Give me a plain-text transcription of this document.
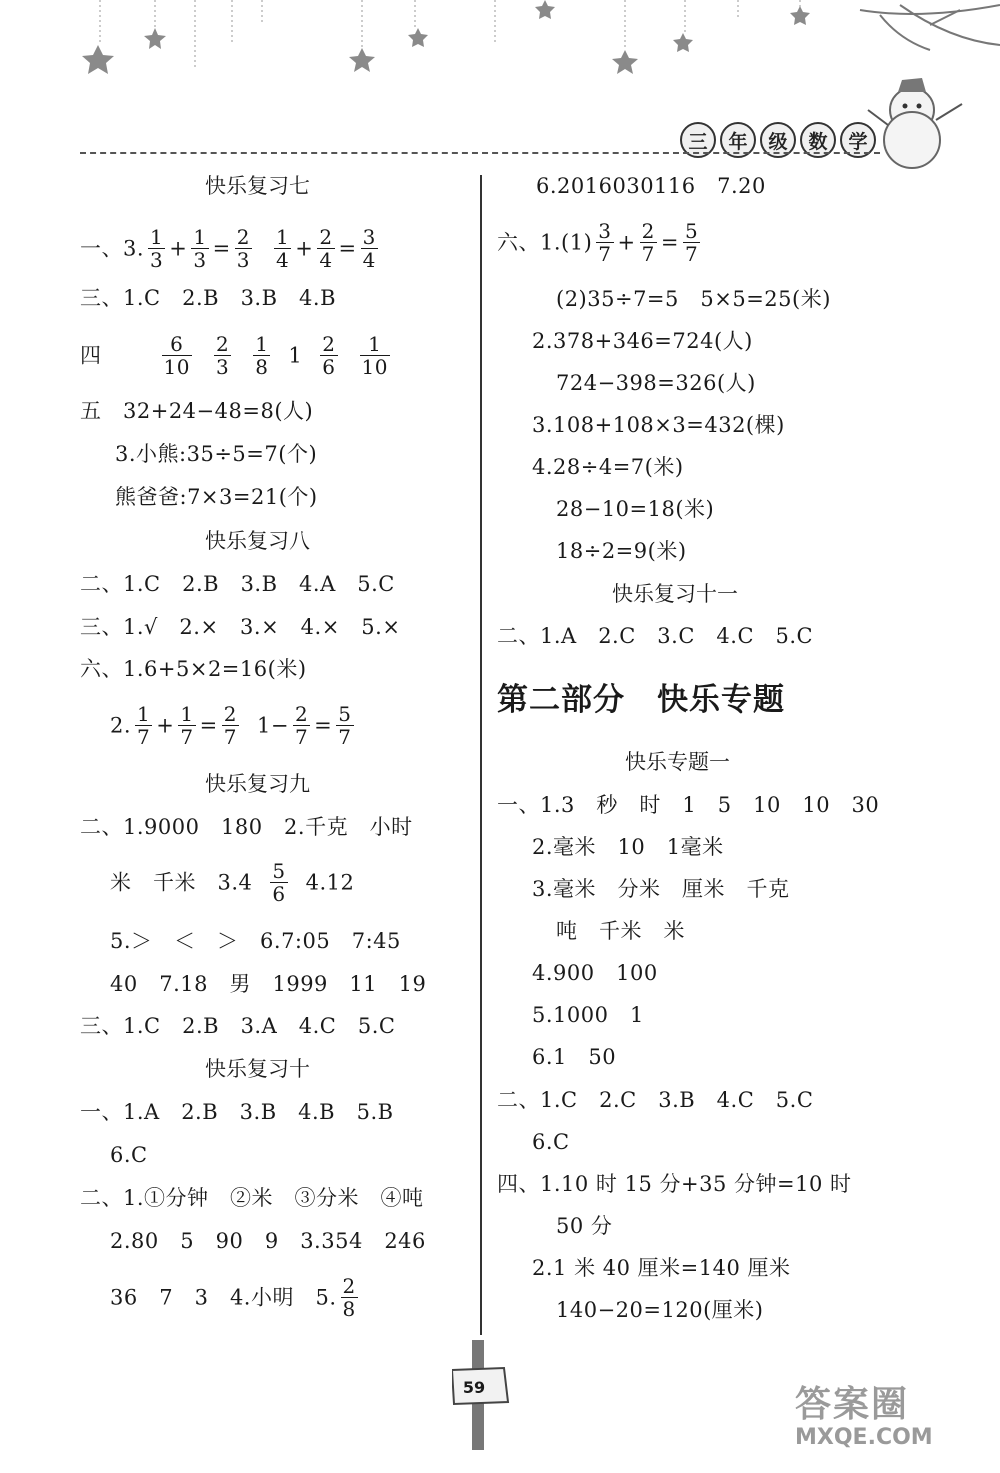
三	年	级	数	学
快乐复习七
一、3. $\frac{1}{3} + \frac{1}{3} = \frac{2}{3} \frac{1}{4} + \frac{2}{4} = \frac{3}{4}$
三、1.C　2.B　3.B　4.B
四	$\frac{6}{10} \frac{2}{3} \frac{1}{8} 1 \frac{2}{6} \frac{1}{10}$
五　32+24−48=8(人)
3.小熊:35÷5=7(个)
熊爸爸:7×3=21(个)
快乐复习八
二、1.C　2.B　3.B　4.A　5.C
三、1.√　2.×　3.×　4.×　5.×
六、1.6+5×2=16(米)
2. $\frac{1}{7} + \frac{1}{7} = \frac{2}{7} 1- \frac{2}{7} = \frac{5}{7}$
快乐复习九
二、1.9000　180　2.千克　小时
米　千米　$3.4 \frac{5}{6} 4.12$
5.＞　＜　＞　6.7:05　7:45
40　7.18　男　1999　11　19
三、1.C　2.B　3.A　4.C　5.C
快乐复习十
一、1.A　2.B　3.B　4.B　5.B
6.C
二、1.①分钟　②米　③分米　④吨
2.80　5　90　9　3.354　246
36　7　3　4.小明　5. $\frac{2}{8}$
6.2016030116　7.20
六、$1.(1) \frac{3}{7} + \frac{2}{7} = \frac{5}{7}$
(2)35÷7=5　5×5=25(米)
2.378+346=724(人)
724−398=326(人)
3.108+108×3=432(棵)
4.28÷4=7(米)
28−10=18(米)
18÷2=9(米)
快乐复习十一
二、1.A　2.C　3.C　4.C　5.C
第二部分　快乐专题
快乐专题一
一、1.3　秒　时　1　5　10　10　30
2.毫米　10　1毫米
3.毫米　分米　厘米　千克
吨　千米　米
4.900　100
5.1000　1
6.1　50
二、1.C　2.C　3.B　4.C　5.C
6.C
四、1.10 时 15 分+35 分钟=10 时
50 分
2.1 米 40 厘米=140 厘米
140−20=120(厘米)
59	答案圈
MXQE.COM
